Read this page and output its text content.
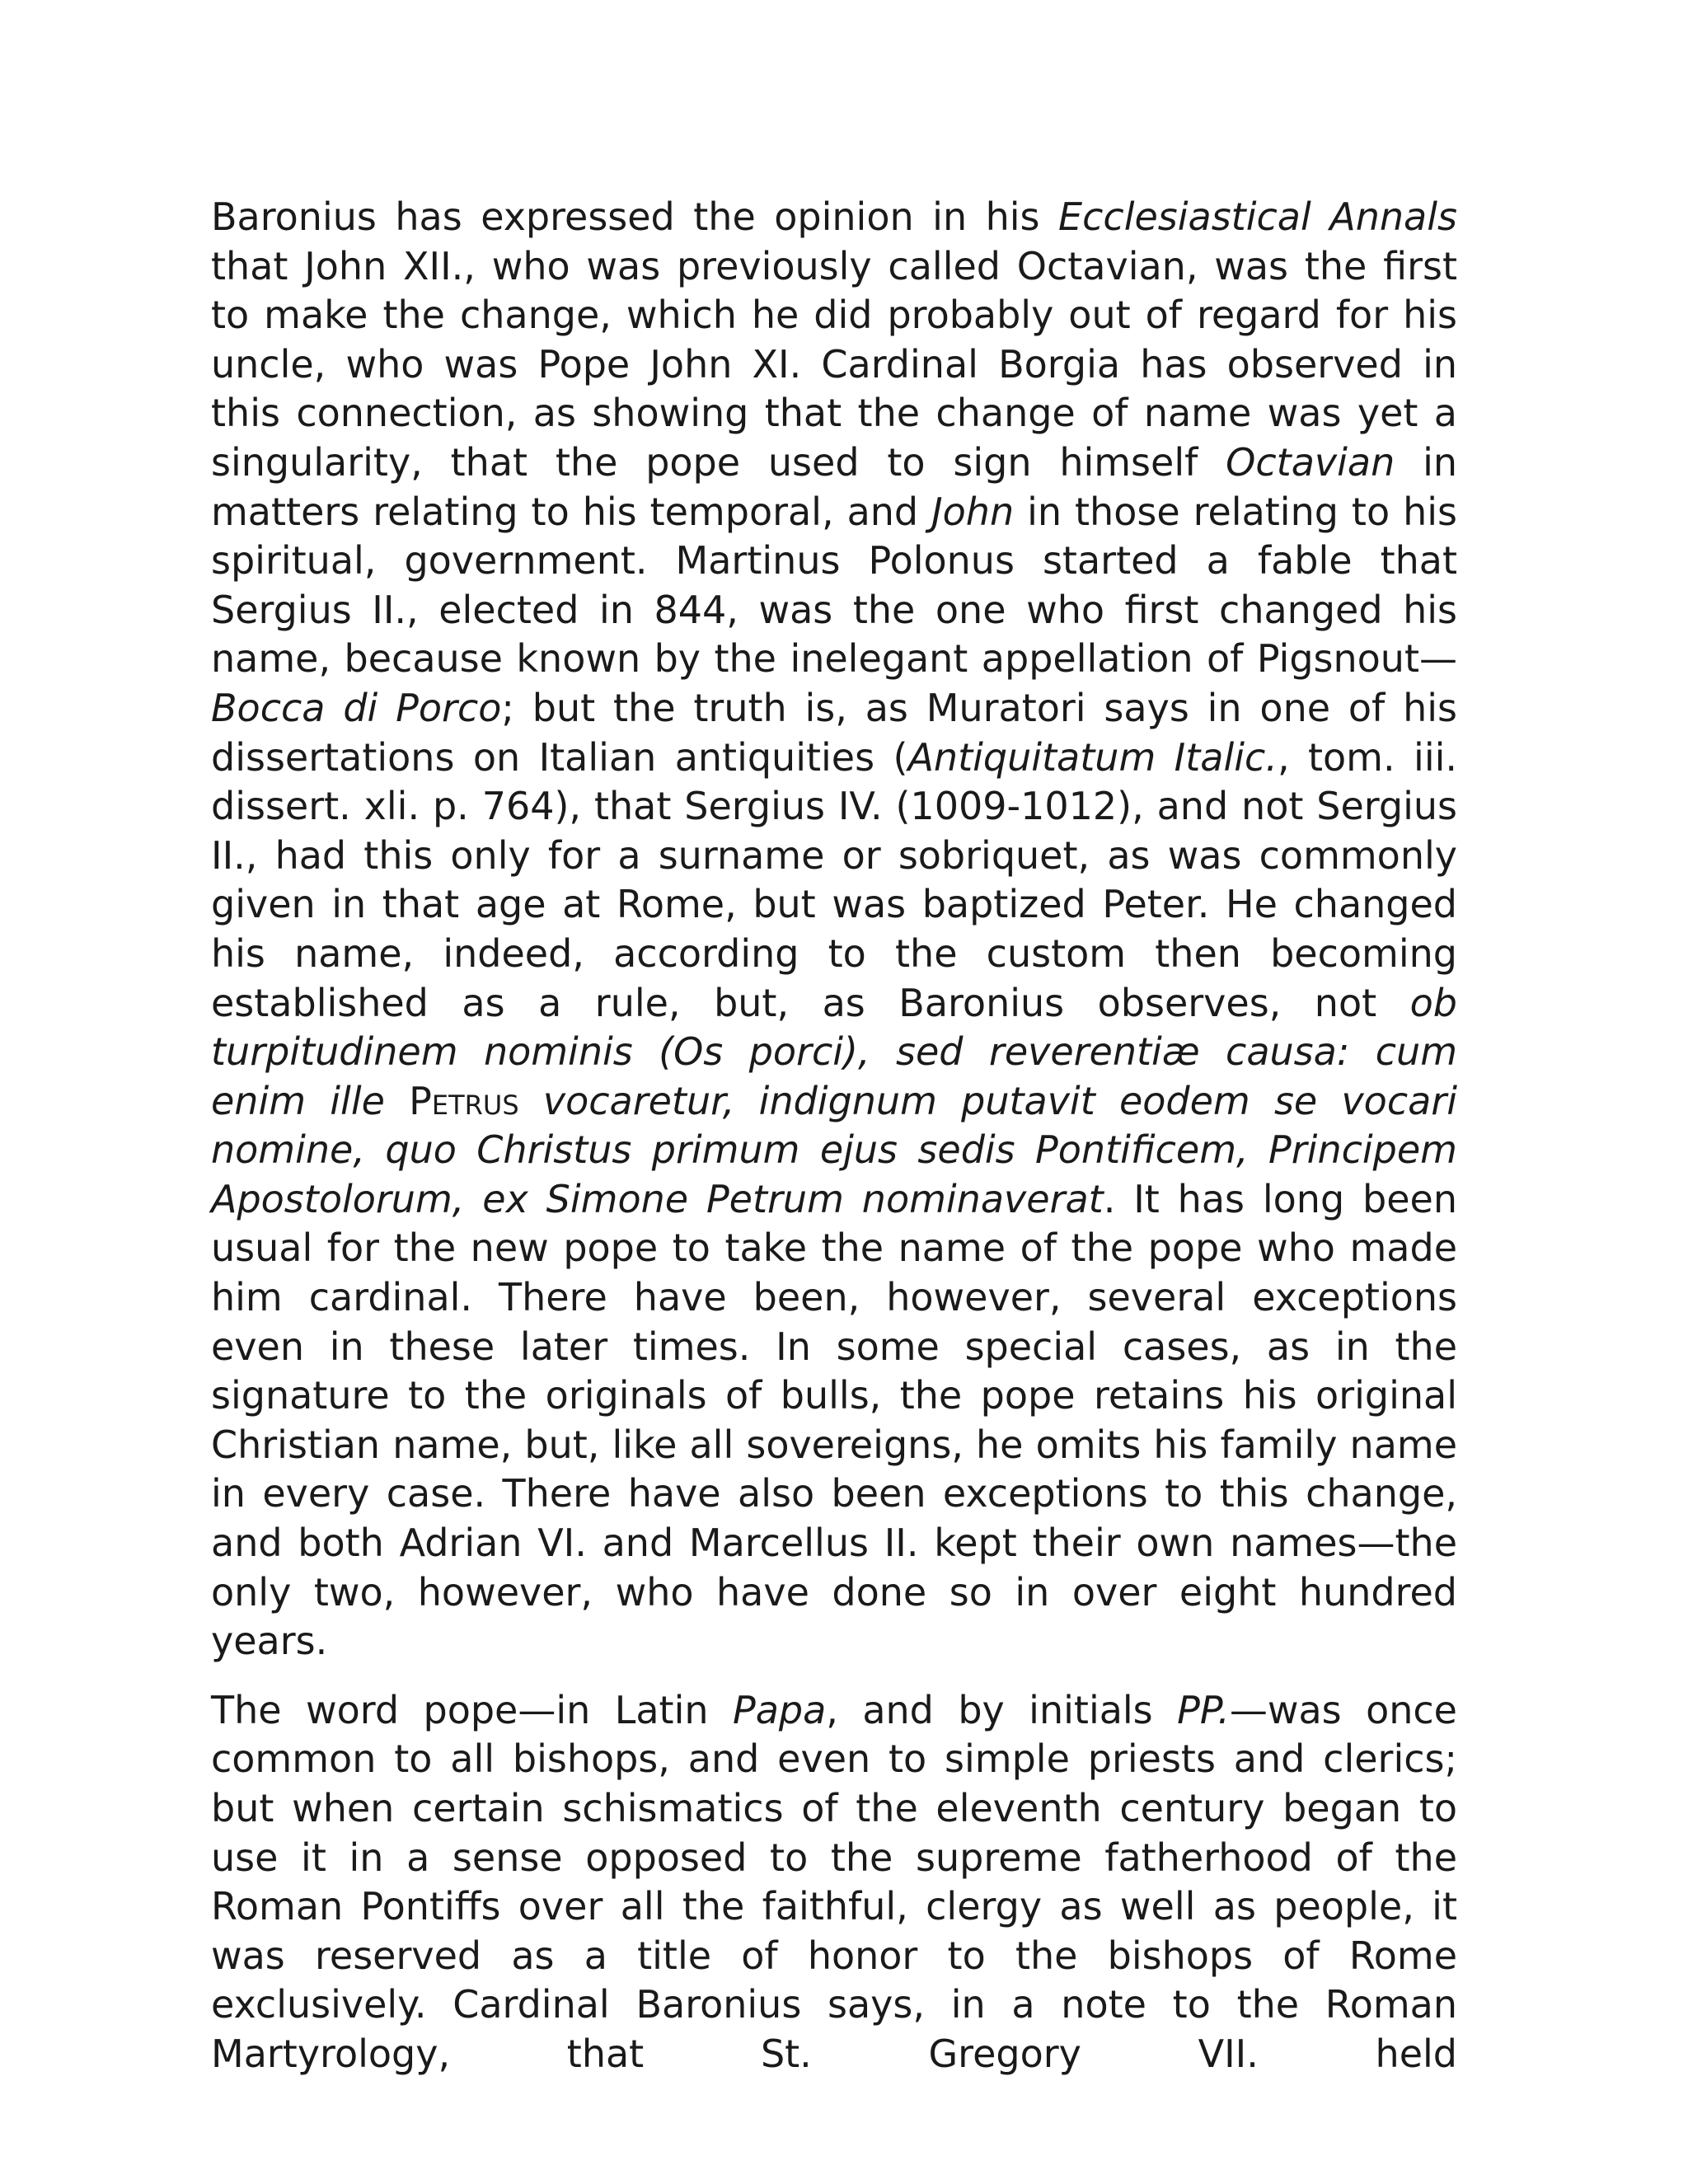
Baronius has expressed the opinion in his Ecclesiastical Annals that John XII., who was previously called Octavian, was the first to make the change, which he did probably out of regard for his uncle, who was Pope John XI. Cardinal Borgia has observed in this connection, as showing that the change of name was yet a singularity, that the pope used to sign himself Octavian in matters relating to his temporal, and John in those relating to his spiritual, government. Martinus Polonus started a fable that Sergius II., elected in 844, was the one who first changed his name, because known by the inelegant appellation of Pigsnout—Bocca di Porco; but the truth is, as Muratori says in one of his dissertations on Italian antiquities (Antiquitatum Italic., tom. iii. dissert. xli. p. 764), that Sergius IV. (1009-1012), and not Sergius II., had this only for a surname or sobriquet, as was commonly given in that age at Rome, but was baptized Peter. He changed his name, indeed, according to the custom then becoming established as a rule, but, as Baronius observes, not ob turpitudinem nominis (Os porci), sed reverentiæ causa: cum enim ille Petrus vocaretur, indignum putavit eodem se vocari nomine, quo Christus primum ejus sedis Pontificem, Principem Apostolorum, ex Simone Petrum nominaverat. It has long been usual for the new pope to take the name of the pope who made him cardinal. There have been, however, several exceptions even in these later times. In some special cases, as in the signature to the originals of bulls, the pope retains his original Christian name, but, like all sovereigns, he omits his family name in every case. There have also been exceptions to this change, and both Adrian VI. and Marcellus II. kept their own names—the only two, however, who have done so in over eight hundred years.

The word pope—in Latin Papa, and by initials PP.—was once common to all bishops, and even to simple priests and clerics; but when certain schismatics of the eleventh century began to use it in a sense opposed to the supreme fatherhood of the Roman Pontiffs over all the faithful, clergy as well as people, it was reserved as a title of honor to the bishops of Rome exclusively. Cardinal Baronius says, in a note to the Roman Martyrology, that St. Gregory VII. held
